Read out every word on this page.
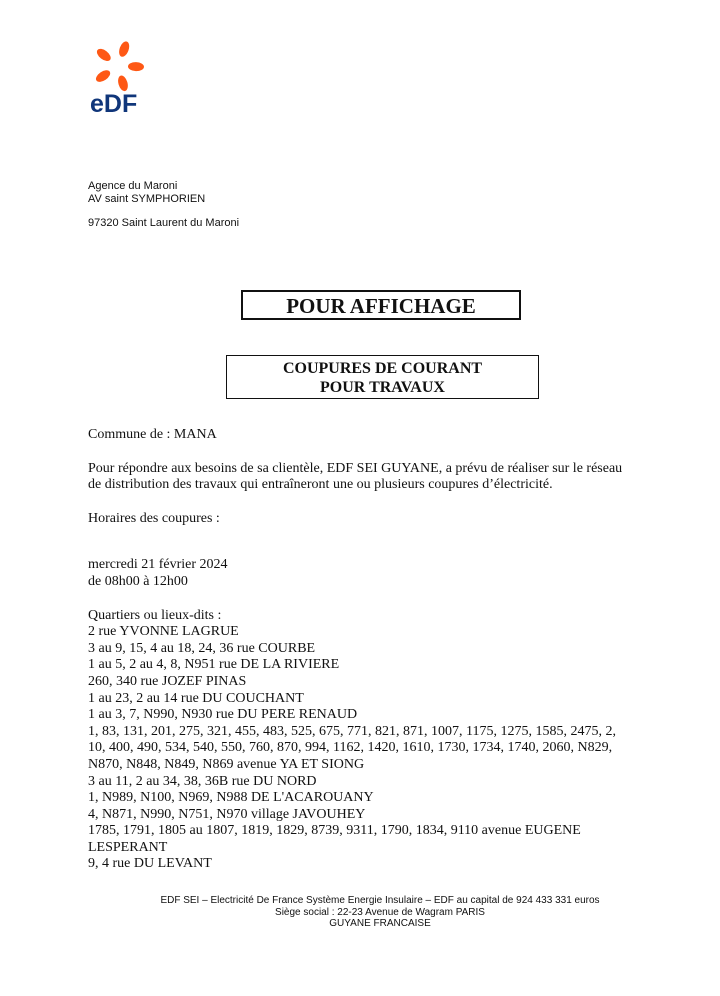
eDF
Agence du Maroni
AV saint SYMPHORIEN
97320 Saint Laurent du Maroni
POUR AFFICHAGE
COUPURES DE COURANT
POUR TRAVAUX

Commune de : MANA

Pour répondre aux besoins de sa clientèle, EDF SEI GUYANE, a prévu de réaliser sur le réseau
de distribution des travaux qui entraîneront une ou plusieurs coupures d’électricité.

Horaires des coupures :

mercredi 21 février 2024

de 08h00 à 12h00

Quartiers ou lieux-dits :

2 rue YVONNE LAGRUE
3 au 9, 15, 4 au 18, 24, 36 rue COURBE
1 au 5, 2 au 4, 8, N951 rue DE LA RIVIERE
260, 340 rue JOZEF PINAS
1 au 23, 2 au 14 rue DU COUCHANT
1 au 3, 7, N990, N930 rue DU PERE RENAUD
1, 83, 131, 201, 275, 321, 455, 483, 525, 675, 771, 821, 871, 1007, 1175, 1275, 1585, 2475, 2,
10, 400, 490, 534, 540, 550, 760, 870, 994, 1162, 1420, 1610, 1730, 1734, 1740, 2060, N829,
N870, N848, N849, N869 avenue YA ET SIONG
3 au 11, 2 au 34, 38, 36B rue DU NORD
1, N989, N100, N969, N988 DE L'ACAROUANY
4, N871, N990, N751, N970 village JAVOUHEY
1785, 1791, 1805 au 1807, 1819, 1829, 8739, 9311, 1790, 1834, 9110 avenue EUGENE
LESPERANT
9, 4 rue DU LEVANT
EDF SEI – Electricité De France Système Energie Insulaire – EDF au capital de 924 433 331 euros
Siège social : 22-23 Avenue de Wagram PARIS
GUYANE FRANCAISE
